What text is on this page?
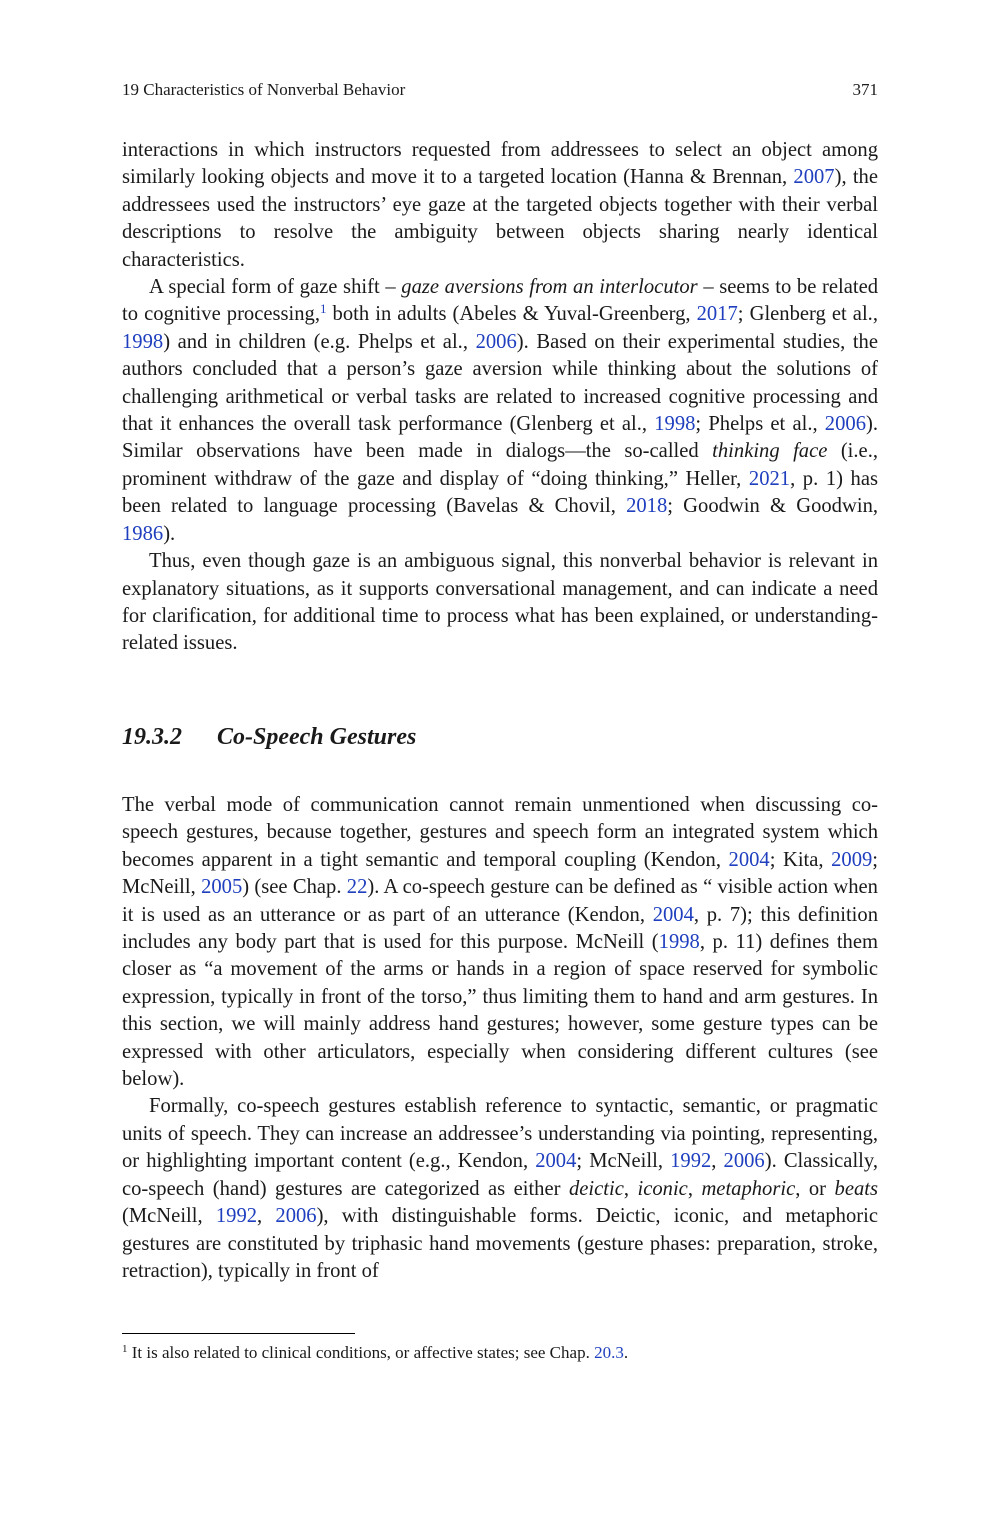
19 Characteristics of Nonverbal Behavior	371

interactions in which instructors requested from addressees to select an object among similarly looking objects and move it to a targeted location (Hanna & Brennan, 2007), the addressees used the instructors’ eye gaze at the targeted objects together with their verbal descriptions to resolve the ambiguity between objects sharing nearly identical characteristics.

A special form of gaze shift – gaze aversions from an interlocutor – seems to be related to cognitive processing,$^1$ both in adults (Abeles & Yuval-Greenberg, 2017; Glenberg et al., 1998) and in children (e.g. Phelps et al., 2006). Based on their experimental studies, the authors concluded that a person’s gaze aversion while thinking about the solutions of challenging arithmetical or verbal tasks are related to increased cognitive processing and that it enhances the overall task performance (Glenberg et al., 1998; Phelps et al., 2006). Similar observations have been made in dialogs—the so-called thinking face (i.e., prominent withdraw of the gaze and display of “doing thinking,” Heller, 2021, p. 1) has been related to language processing (Bavelas & Chovil, 2018; Goodwin & Goodwin, 1986).

Thus, even though gaze is an ambiguous signal, this nonverbal behavior is relevant in explanatory situations, as it supports conversational management, and can indicate a need for clarification, for additional time to process what has been explained, or understanding-related issues.

19.3.2 Co-Speech Gestures

The verbal mode of communication cannot remain unmentioned when discussing co-speech gestures, because together, gestures and speech form an integrated system which becomes apparent in a tight semantic and temporal coupling (Kendon, 2004; Kita, 2009; McNeill, 2005) (see Chap. 22). A co-speech gesture can be defined as “ visible action when it is used as an utterance or as part of an utterance (Kendon, 2004, p. 7); this definition includes any body part that is used for this purpose. McNeill (1998, p. 11) defines them closer as “a movement of the arms or hands in a region of space reserved for symbolic expression, typically in front of the torso,” thus limiting them to hand and arm gestures. In this section, we will mainly address hand gestures; however, some gesture types can be expressed with other articulators, especially when considering different cultures (see below).

Formally, co-speech gestures establish reference to syntactic, semantic, or pragmatic units of speech. They can increase an addressee’s understanding via pointing, representing, or highlighting important content (e.g., Kendon, 2004; McNeill, 1992, 2006). Classically, co-speech (hand) gestures are categorized as either deictic, iconic, metaphoric, or beats (McNeill, 1992, 2006), with distinguishable forms. Deictic, iconic, and metaphoric gestures are constituted by triphasic hand movements (gesture phases: preparation, stroke, retraction), typically in front of

$^1$ It is also related to clinical conditions, or affective states; see Chap. 20.3.
